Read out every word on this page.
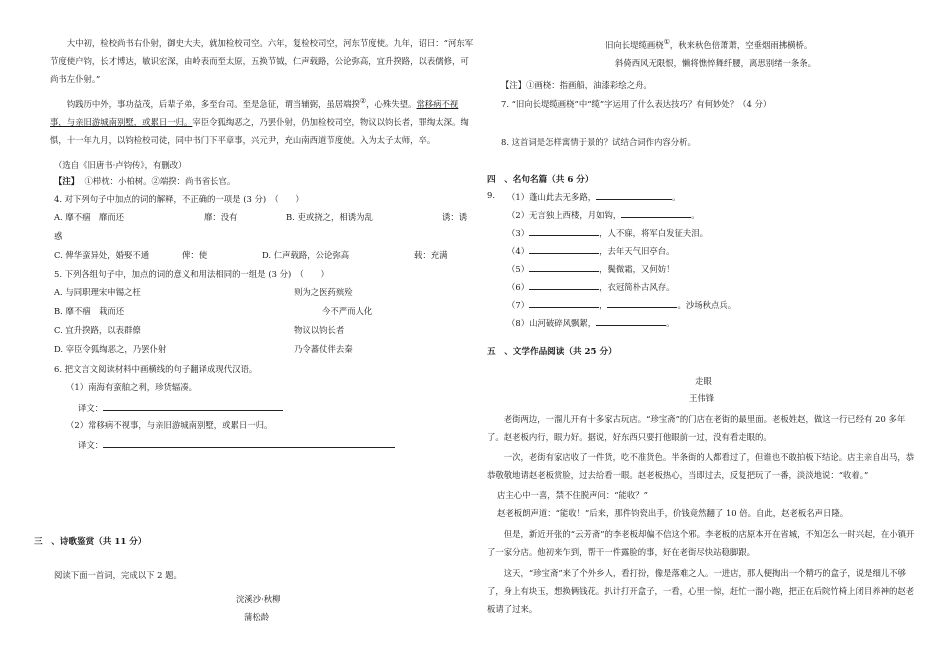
大中初，检校尚书右仆射，御史大夫，就加检校司空。六年，复检校司空，河东节度使。九年，诏曰：“河东军节度使户钧，长才博达，敏识宏深，由岭表而至太原，五换节钺，仁声载路，公论弥高，宜升揆路，以表儒修，可尚书左仆射。”

钧践历中外，事功益茂，后辈子弟，多至台司。至是急征，谓当辅弼，虽居端揆②，心殊失望。常移病不视事，与亲旧游城南别墅，或累日一归。宰臣令狐绹恶之，乃罢仆射，仍加检校司空，物议以钧长者，罪绹太深。绹惧，十一年九月，以钧检校司徒，同中书门下平章事，兴元尹，充山南西道节度使。入为太子太师，卒。

（选自《旧唐书·卢钧传》，有删改）

【注】 ①栉枕：小柏树。②端揆：尚书省长官。

4. 对下列句子中加点的词的解释，不正确的一项是 (3 分)　（　　）

A. 靡不痼　靡而还	靡：没有	B. 吏或挠之，相诱为乱	诱：诱

惑

C. 俾华蛮异处，婚娶不通	俾：使	D. 仁声载路，公论弥高	载：充满

5. 下列各组句子中，加点的词的意义和用法相同的一组是 (3 分)　（　　）

A. 与同职理宋申锡之枉	则为之医药殡殓
B. 靡不痼　栽而还	今不严而人化
C. 宜升揆路，以表群僚	物议以钧长者
D. 宰臣令狐绹恶之，乃罢仆射	乃令蕃仗伴去秦

6. 把文言文阅读材料中画横线的句子翻译成现代汉语。

（1）南海有蛮舶之利，珍货辐凑。

译文：

（2）常移病不视事，与亲旧游城南别墅，或累日一归。

译文：

三　、诗歌鉴赏（共 11 分）

阅读下面一首词，完成以下 2 题。

浣溪沙·秋柳

蒲松龄

旧向长堤缆画桡①，秋来秋色倍萧萧，空垂烟雨拂横桥。

斜倚西风无限恨，懒将憔悴舞纤腰，离思别绪一条条。

【注】①画桡：指画船，油漆彩绘之舟。

7. “旧向长堤缆画桡”中“缆”字运用了什么表达技巧？有何妙处？（4 分）

8. 这首词是怎样寓情于景的？试结合词作内容分析。

四　、名句名篇（共 6 分）

9. （1）蓬山此去无多路，	。

（2）无言独上西楼，月如钩，	。

（3）	，人不寐，将军白发征夫泪。

（4）	，去年天气旧亭台。

（5）	，鬓微霜，又何妨！

（6）	，衣冠简朴古风存。

（7）	，	。沙场秋点兵。

（8）山河破碎风飘絮，	。

五　、文学作品阅读（共 25 分）

走眼

王伟锋

老街两边，一溜儿开有十多家古玩店。“珍宝斋”的门店在老街的最里面。老板姓赵，做这一行已经有 20 多年了。赵老板内行，眼力好。据说，好东西只要打他眼前一过，没有看走眼的。

一次，老街有家店收了一件货，吃不准货色。半条街的人都看过了，但谁也不敢拍板下结论。店主亲自出马，恭恭敬敬地请赵老板赏脸，过去给看一眼。赵老板热心，当即过去，反复把玩了一番，淡淡地说：“收着。”

店主心中一喜，禁不住脱声问：“能收？”

赵老板朗声道：“能收！”后来，那件钧瓷出手，价钱竟然翻了 10 倍。自此，赵老板名声日隆。

但是，新近开张的“云芳斋”的李老板却偏不信这个邪。李老板的店原本开在省城，不知怎么一时兴起，在小镇开了一家分店。他初来乍到，帮干一件露脸的事，好在老街尽快站稳脚跟。

这天，“珍宝斋”来了个外乡人，看打扮，像是落难之人。一进店，那人便掏出一个精巧的盒子，说是细儿不够了，身上有块玉，想换俩钱花。扒计打开盒子，一看，心里一惊，赶忙一溜小跑，把正在后院竹椅上闭目养神的赵老板请了过来。
